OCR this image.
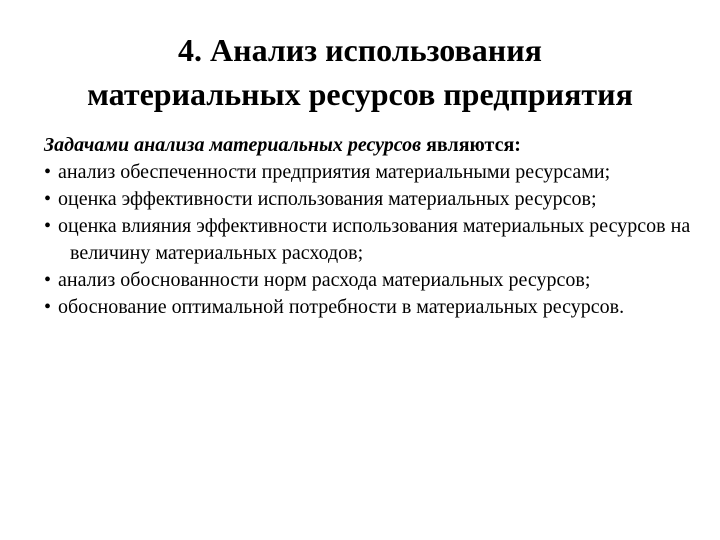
4. Анализ использования
материальных ресурсов предприятия

Задачами анализа материальных ресурсов являются:

• анализ обеспеченности предприятия материальными ресурсами;
• оценка эффективности использования материальных ресурсов;
• оценка влияния эффективности использования материальных ресурсов на величину материальных расходов;
• анализ обоснованности норм расхода материальных ресурсов;
• обоснование оптимальной потребности в материальных ресурсов.
